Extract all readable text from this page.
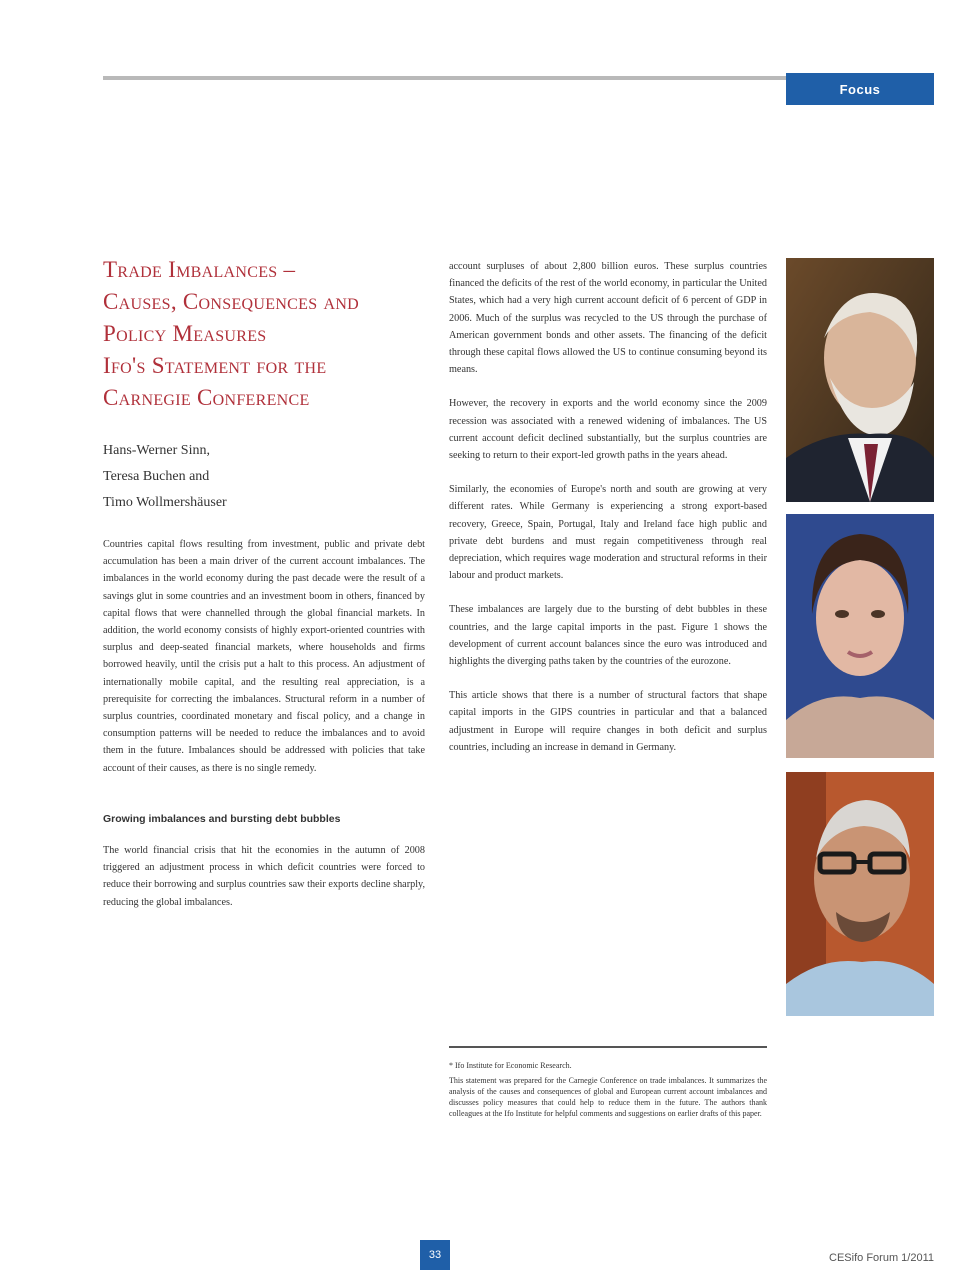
Focus
Trade Imbalances –
Causes, Consequences and
Policy Measures
Ifo's Statement for the
Carnegie Conference
Hans-Werner Sinn,
Teresa Buchen and
Timo Wollmershäuser

Countries capital flows resulting from investment, public and private debt accumulation has been a main driver of the current account imbalances. The imbalances in the world economy during the past decade were the result of a savings glut in some countries and an investment boom in others, financed by capital flows that were channelled through the global financial markets. In addition, the world economy consists of highly export-oriented countries with surplus and deep-seated financial markets, where households and firms borrowed heavily, until the crisis put a halt to this process. An adjustment of internationally mobile capital, and the resulting real appreciation, is a prerequisite for correcting the imbalances. Structural reform in a number of surplus countries, coordinated monetary and fiscal policy, and a change in consumption patterns will be needed to reduce the imbalances and to avoid them in the future. Imbalances should be addressed with policies that take account of their causes, as there is no single remedy.

Growing imbalances and bursting debt bubbles

The world financial crisis that hit the economies in the autumn of 2008 triggered an adjustment process in which deficit countries were forced to reduce their borrowing and surplus countries saw their exports decline sharply, reducing the global imbalances.

account surpluses of about 2,800 billion euros. These surplus countries financed the deficits of the rest of the world economy, in particular the United States, which had a very high current account deficit of 6 percent of GDP in 2006. Much of the surplus was recycled to the US through the purchase of American government bonds and other assets. The financing of the deficit through these capital flows allowed the US to continue consuming beyond its means.

However, the recovery in exports and the world economy since the 2009 recession was associated with a renewed widening of imbalances. The US current account deficit declined substantially, but the surplus countries are seeking to return to their export-led growth paths in the years ahead.

Similarly, the economies of Europe's north and south are growing at very different rates. While Germany is experiencing a strong export-based recovery, Greece, Spain, Portugal, Italy and Ireland face high public and private debt burdens and must regain competitiveness through real depreciation, which requires wage moderation and structural reforms in their labour and product markets.

These imbalances are largely due to the bursting of debt bubbles in these countries, and the large capital imports in the past. Figure 1 shows the development of current account balances since the euro was introduced and highlights the diverging paths taken by the countries of the eurozone.

This article shows that there is a number of structural factors that shape capital imports in the GIPS countries in particular and that a balanced adjustment in Europe will require changes in both deficit and surplus countries, including an increase in demand in Germany.

* Ifo Institute for Economic Research.

This statement was prepared for the Carnegie Conference on trade imbalances. It summarizes the analysis of the causes and consequences of global and European current account imbalances and discusses policy measures that could help to reduce them in the future. The authors thank colleagues at the Ifo Institute for helpful comments and suggestions on earlier drafts of this paper.

33	CESifo Forum 1/2011
